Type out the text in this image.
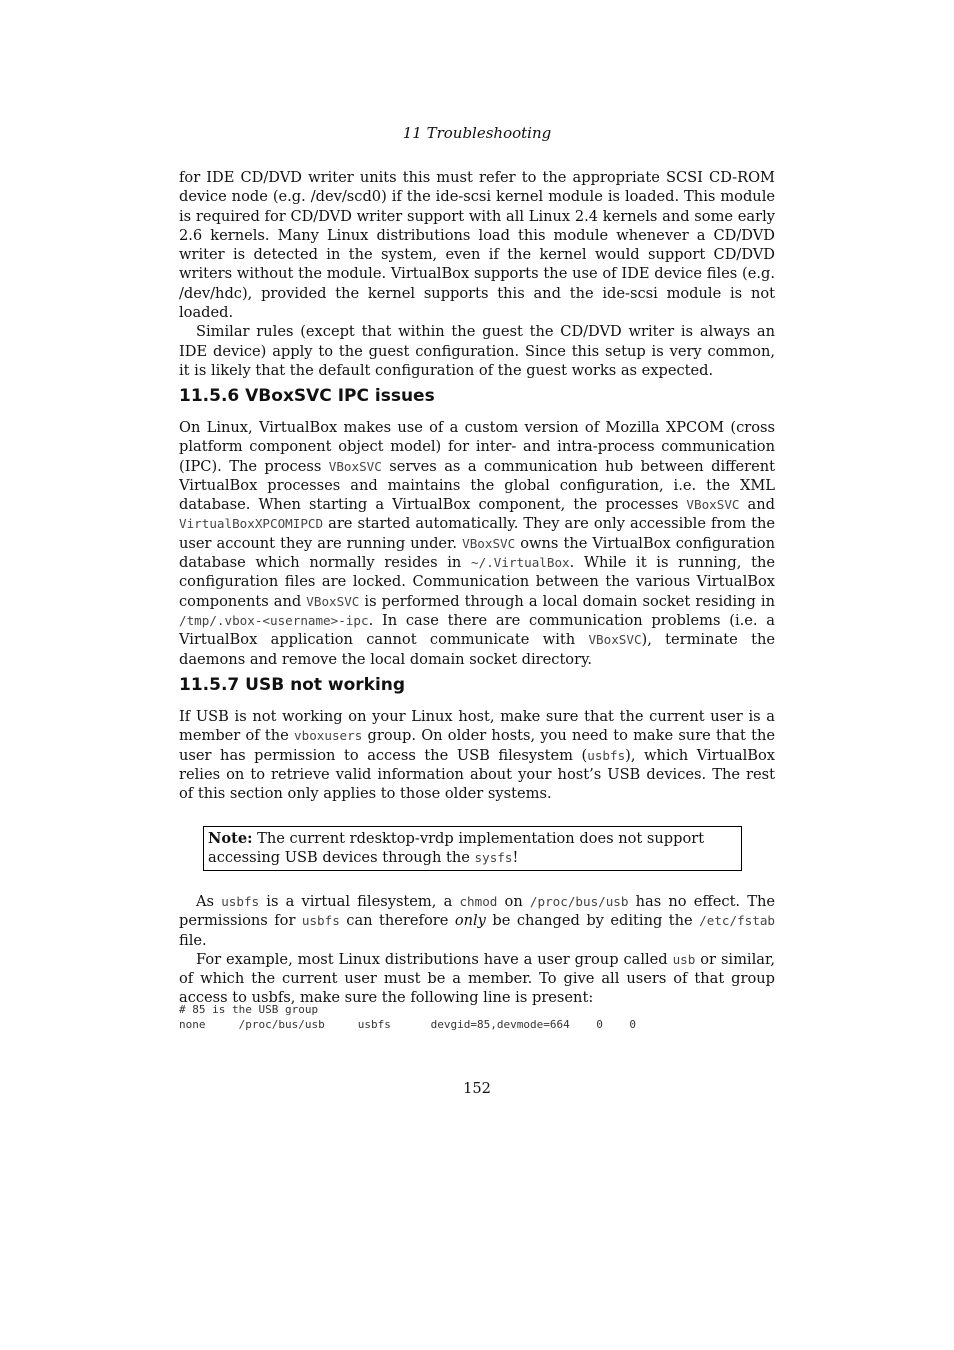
11 Troubleshooting

for IDE CD/DVD writer units this must refer to the appropriate SCSI CD-ROM device node (e.g. /dev/scd0) if the ide-scsi kernel module is loaded. This module is required for CD/DVD writer support with all Linux 2.4 kernels and some early 2.6 kernels. Many Linux distributions load this module whenever a CD/DVD writer is detected in the system, even if the kernel would support CD/DVD writers without the module. VirtualBox supports the use of IDE device files (e.g. /dev/hdc), provided the kernel supports this and the ide-scsi module is not loaded.

Similar rules (except that within the guest the CD/DVD writer is always an IDE device) apply to the guest configuration. Since this setup is very common, it is likely that the default configuration of the guest works as expected.

11.5.6 VBoxSVC IPC issues

On Linux, VirtualBox makes use of a custom version of Mozilla XPCOM (cross platform component object model) for inter- and intra-process communication (IPC). The process VBoxSVC serves as a communication hub between different VirtualBox processes and maintains the global configuration, i.e. the XML database. When starting a VirtualBox component, the processes VBoxSVC and VirtualBoxXPCOMIPCD are started automatically. They are only accessible from the user account they are running under. VBoxSVC owns the VirtualBox configuration database which normally resides in ~/.VirtualBox. While it is running, the configuration files are locked. Communication between the various VirtualBox components and VBoxSVC is performed through a local domain socket residing in /tmp/.vbox-<username>-ipc. In case there are communication problems (i.e. a VirtualBox application cannot communicate with VBoxSVC), terminate the daemons and remove the local domain socket directory.

11.5.7 USB not working

If USB is not working on your Linux host, make sure that the current user is a member of the vboxusers group. On older hosts, you need to make sure that the user has permission to access the USB filesystem (usbfs), which VirtualBox relies on to retrieve valid information about your host’s USB devices. The rest of this section only applies to those older systems.

Note: The current rdesktop-vrdp implementation does not support accessing USB devices through the sysfs!

As usbfs is a virtual filesystem, a chmod on /proc/bus/usb has no effect. The permissions for usbfs can therefore only be changed by editing the /etc/fstab file.

For example, most Linux distributions have a user group called usb or similar, of which the current user must be a member. To give all users of that group access to usbfs, make sure the following line is present:

# 85 is the USB group
none     /proc/bus/usb     usbfs      devgid=85,devmode=664    0    0
152
